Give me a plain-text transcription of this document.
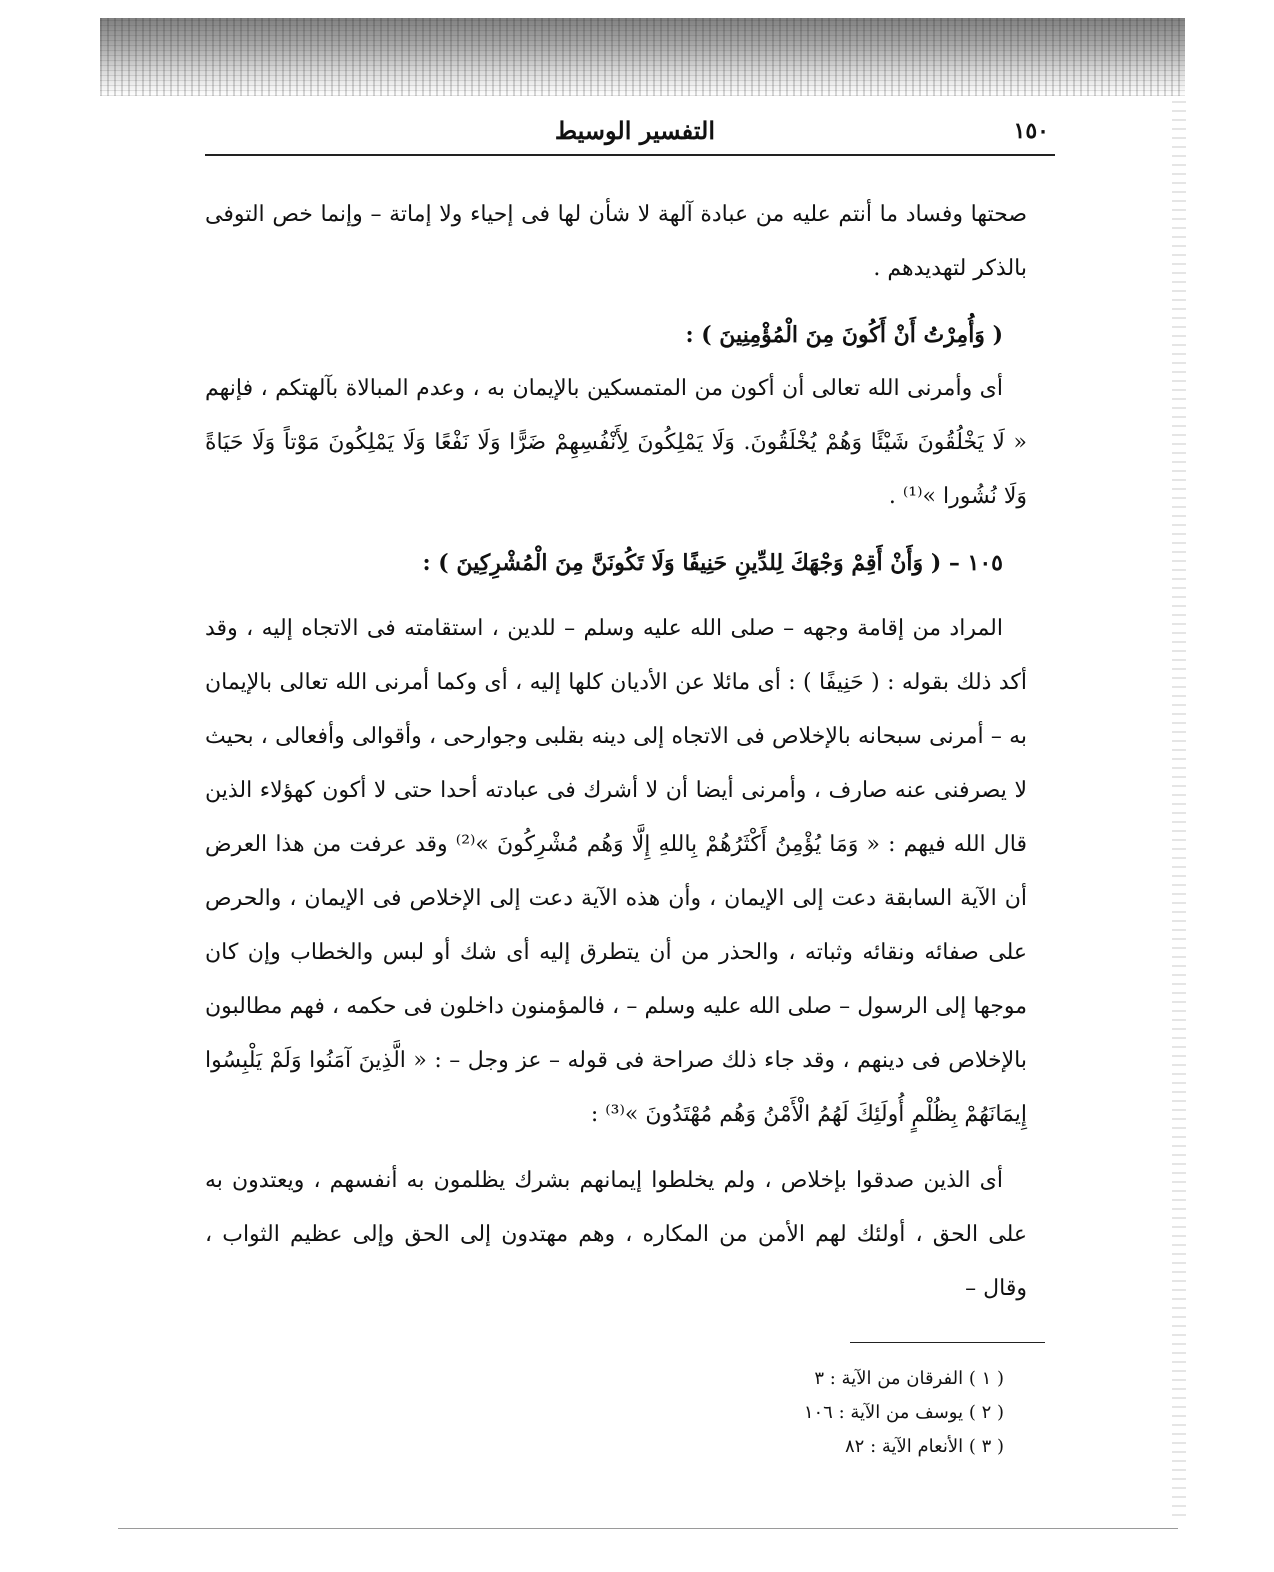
١٥٠
التفسير الوسيط

صحتها وفساد ما أنتم عليه من عبادة آلهة لا شأن لها فى إحياء ولا إماتة – وإنما خص التوفى بالذكر لتهديدهم .

( وَأُمِرْتُ أَنْ أَكُونَ مِنَ الْمُؤْمِنِينَ ) :

أى وأمرنى الله تعالى أن أكون من المتمسكين بالإيمان به ، وعدم المبالاة بآلهتكم ، فإنهم « لَا يَخْلُقُونَ شَيْئًا وَهُمْ يُخْلَقُونَ. وَلَا يَمْلِكُونَ لِأَنْفُسِهِمْ ضَرًّا وَلَا نَفْعًا وَلَا يَمْلِكُونَ مَوْتاً وَلَا حَيَاةً وَلَا نُشُورا »⁽¹⁾ .

١٠٥ – ( وَأَنْ أَقِمْ وَجْهَكَ لِلدِّينِ حَنِيفًا وَلَا تَكُونَنَّ مِنَ الْمُشْرِكِينَ ) :

المراد من إقامة وجهه – صلى الله عليه وسلم – للدين ، استقامته فى الاتجاه إليه ، وقد أكد ذلك بقوله : ( حَنِيفًا ) : أى مائلا عن الأديان كلها إليه ، أى وكما أمرنى الله تعالى بالإيمان به – أمرنى سبحانه بالإخلاص فى الاتجاه إلى دينه بقلبى وجوارحى ، وأقوالى وأفعالى ، بحيث لا يصرفنى عنه صارف ، وأمرنى أيضا أن لا أشرك فى عبادته أحدا حتى لا أكون كهؤلاء الذين قال الله فيهم : « وَمَا يُؤْمِنُ أَكْثَرُهُمْ بِاللهِ إِلَّا وَهُم مُشْرِكُونَ »⁽²⁾ وقد عرفت من هذا العرض أن الآية السابقة دعت إلى الإيمان ، وأن هذه الآية دعت إلى الإخلاص فى الإيمان ، والحرص على صفائه ونقائه وثباته ، والحذر من أن يتطرق إليه أى شك أو لبس والخطاب وإن كان موجها إلى الرسول – صلى الله عليه وسلم – ، فالمؤمنون داخلون فى حكمه ، فهم مطالبون بالإخلاص فى دينهم ، وقد جاء ذلك صراحة فى قوله – عز وجل – : « الَّذِينَ آمَنُوا وَلَمْ يَلْبِسُوا إِيمَانَهُمْ بِظُلْمٍ أُولَئِكَ لَهُمُ الْأَمْنُ وَهُم مُهْتَدُونَ »⁽³⁾ :

أى الذين صدقوا بإخلاص ، ولم يخلطوا إيمانهم بشرك يظلمون به أنفسهم ، ويعتدون به على الحق ، أولئك لهم الأمن من المكاره ، وهم مهتدون إلى الحق وإلى عظيم الثواب ، وقال –

( ١ ) الفرقان من الآية : ٣
( ٢ ) يوسف من الآية : ١٠٦
( ٣ ) الأنعام الآية : ٨٢
